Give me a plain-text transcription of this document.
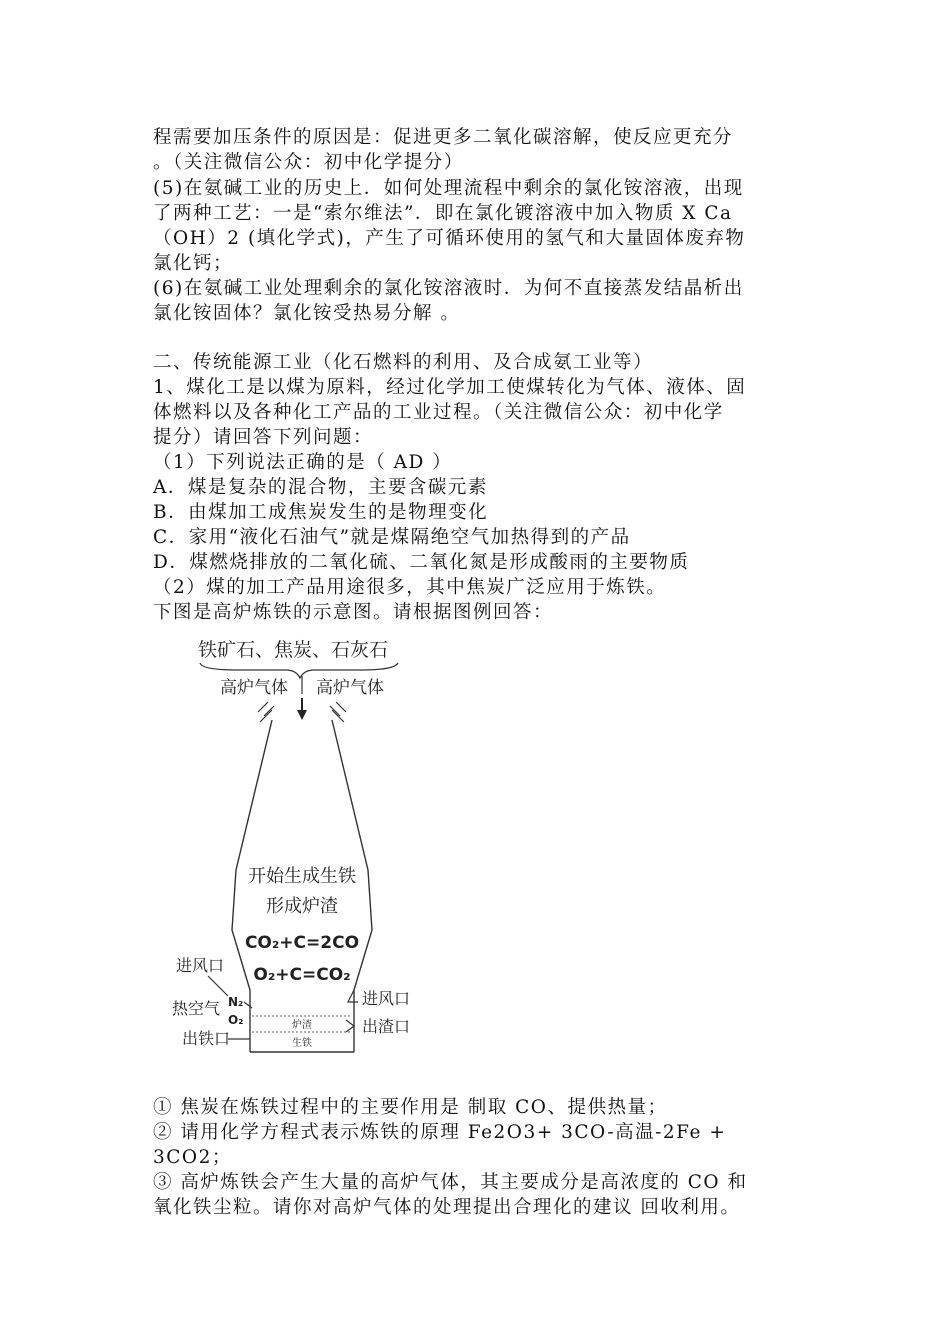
程需要加压条件的原因是：促进更多二氧化碳溶解，使反应更充分
。（关注微信公众：初中化学提分）
(5)在氨碱工业的历史上．如何处理流程中剩余的氯化铵溶液，出现
了两种工艺：一是“索尔维法”．即在氯化镀溶液中加入物质 X Ca
（OH）2 (填化学式)，产生了可循环使用的氢气和大量固体废弃物
氯化钙；
(6)在氨碱工业处理剩余的氯化铵溶液时．为何不直接蒸发结晶析出
氯化铵固体？氯化铵受热易分解 。
二、传统能源工业（化石燃料的利用、及合成氨工业等）
1、煤化工是以煤为原料，经过化学加工使煤转化为气体、液体、固
体燃料以及各种化工产品的工业过程。（关注微信公众：初中化学
提分）请回答下列问题：
（1）下列说法正确的是（ AD ）
A．煤是复杂的混合物，主要含碳元素
B．由煤加工成焦炭发生的是物理变化
C．家用“液化石油气”就是煤隔绝空气加热得到的产品
D．煤燃烧排放的二氧化硫、二氧化氮是形成酸雨的主要物质
（2）煤的加工产品用途很多，其中焦炭广泛应用于炼铁。
下图是高炉炼铁的示意图。请根据图例回答：
铁矿石、焦炭、石灰石
高炉气体 高炉气体
开始生成生铁
形成炉渣
CO₂+C=2CO
O₂+C=CO₂
进风口
热空气 N₂
O₂
出铁口
进风口
出渣口
炉渣
生铁
① 焦炭在炼铁过程中的主要作用是 制取 CO、提供热量；
② 请用化学方程式表示炼铁的原理 Fe2O3+ 3CO-高温-2Fe +
3CO2；
③ 高炉炼铁会产生大量的高炉气体，其主要成分是高浓度的 CO 和
氧化铁尘粒。请你对高炉气体的处理提出合理化的建议 回收利用。
